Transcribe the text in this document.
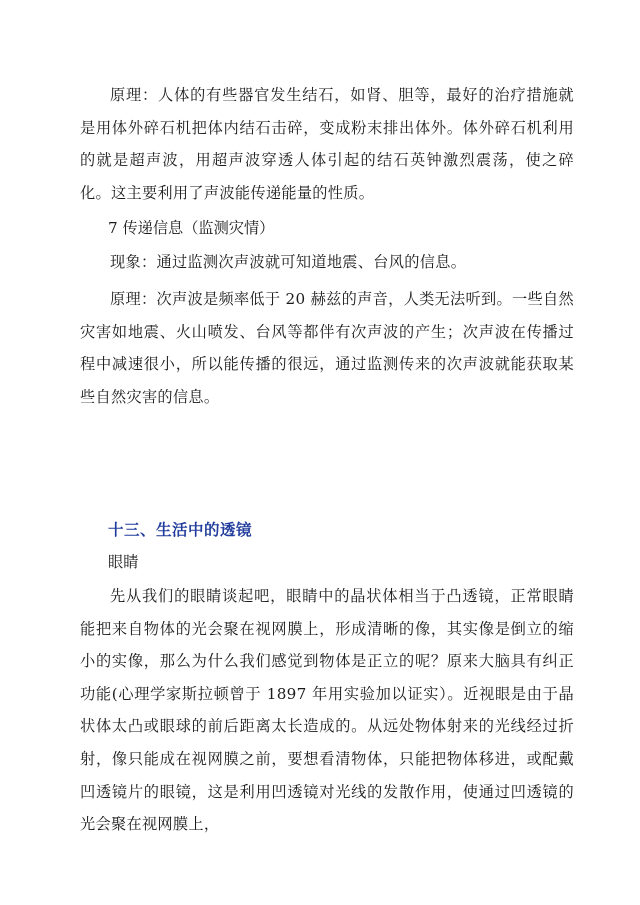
原理：人体的有些器官发生结石，如肾、胆等，最好的治疗措施就是用体外碎石机把体内结石击碎，变成粉末排出体外。体外碎石机利用的就是超声波，用超声波穿透人体引起的结石英钟激烈震荡，使之碎化。这主要利用了声波能传递能量的性质。

7 传递信息（监测灾情）

现象：通过监测次声波就可知道地震、台风的信息。

原理：次声波是频率低于 20 赫兹的声音，人类无法听到。一些自然灾害如地震、火山喷发、台风等都伴有次声波的产生；次声波在传播过程中减速很小，所以能传播的很远，通过监测传来的次声波就能获取某些自然灾害的信息。

十三、生活中的透镜

眼睛

先从我们的眼睛谈起吧，眼睛中的晶状体相当于凸透镜，正常眼睛能把来自物体的光会聚在视网膜上，形成清晰的像，其实像是倒立的缩小的实像，那么为什么我们感觉到物体是正立的呢？原来大脑具有纠正功能(心理学家斯拉顿曾于 1897 年用实验加以证实）。近视眼是由于晶状体太凸或眼球的前后距离太长造成的。从远处物体射来的光线经过折射，像只能成在视网膜之前，要想看清物体，只能把物体移进，或配戴凹透镜片的眼镜，这是利用凹透镜对光线的发散作用，使通过凹透镜的光会聚在视网膜上，
